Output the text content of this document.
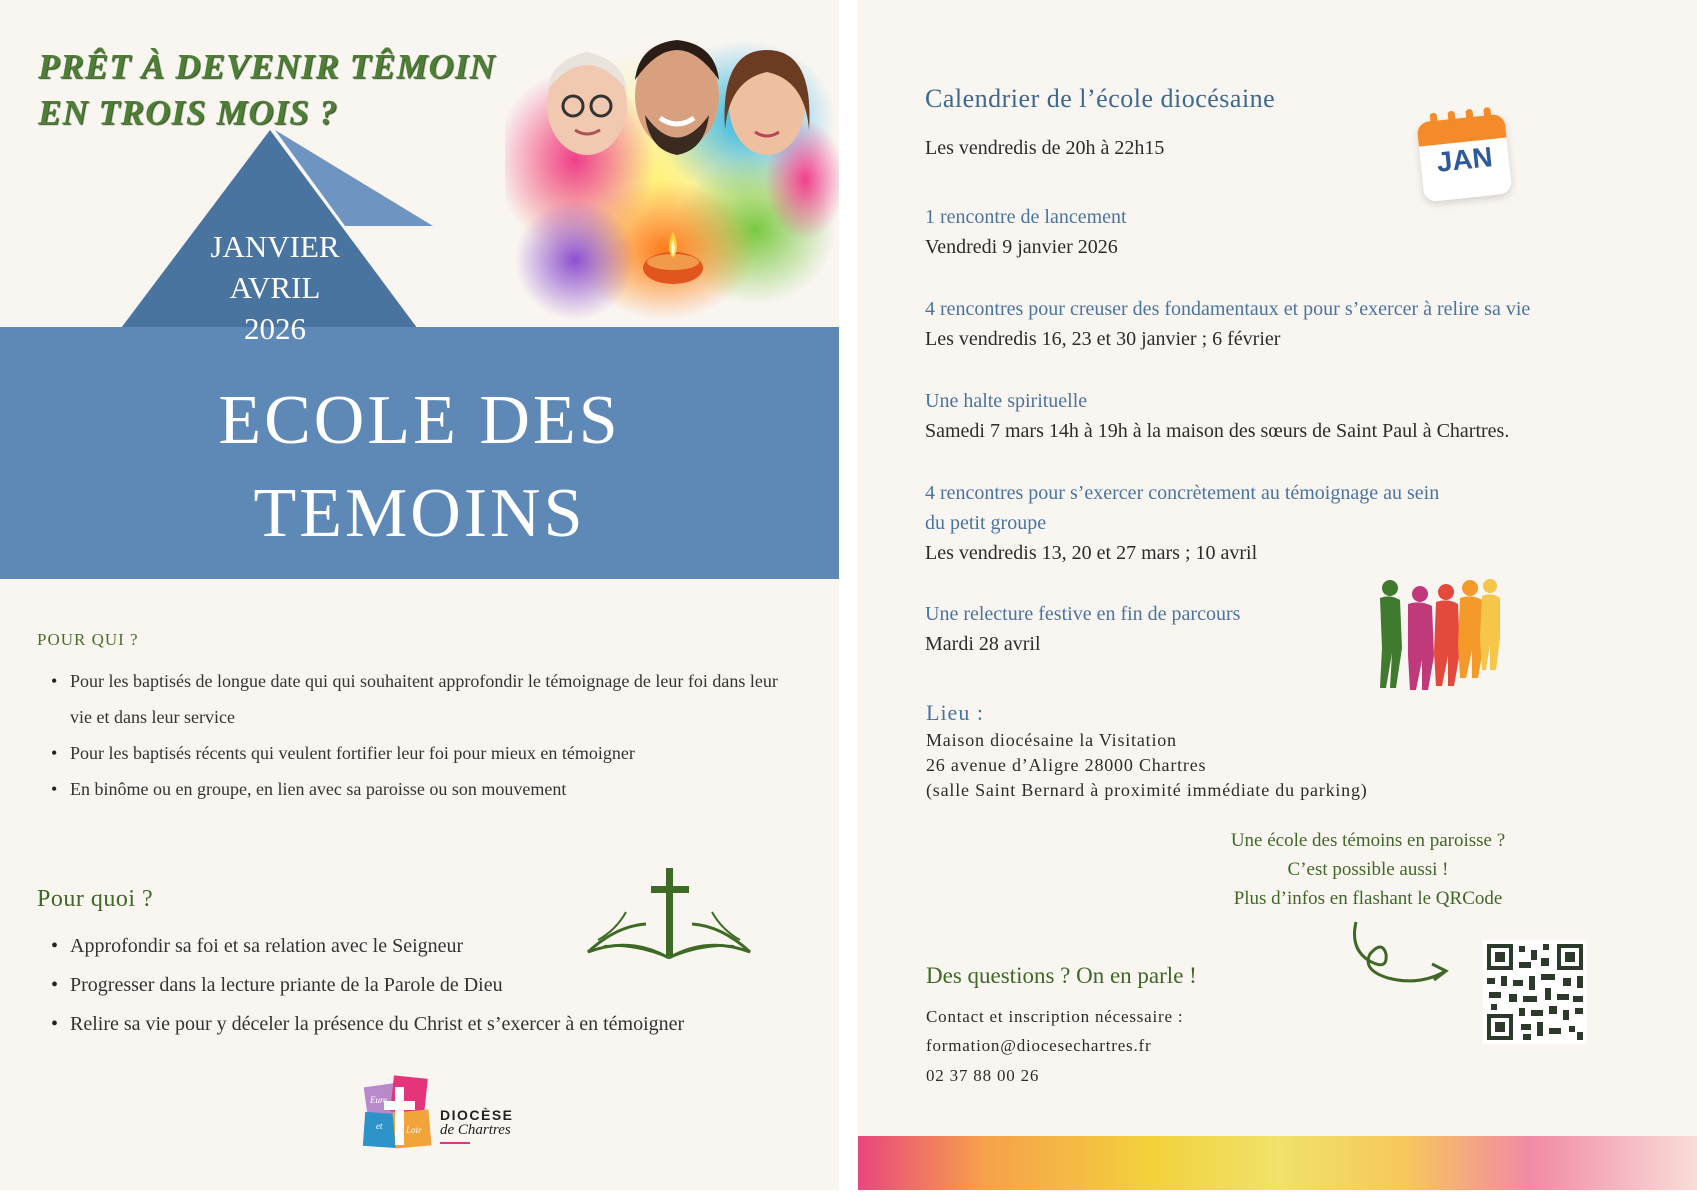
PRÊT À DEVENIR TÊMOIN
EN TROIS MOIS ?
JANVIER
AVRIL
2026
ECOLE DES
TEMOINS
POUR QUI ?
• Pour les baptisés de longue date qui qui souhaitent approfondir le témoignage de leur foi dans leur vie et dans leur service
• Pour les baptisés récents qui veulent fortifier leur foi pour mieux en témoigner
• En binôme ou en groupe, en lien avec sa paroisse ou son mouvement
Pour quoi ?
• Approfondir sa foi et sa relation avec le Seigneur
• Progresser dans la lecture priante de la Parole de Dieu
• Relire sa vie pour y déceler la présence du Christ et s’exercer à en témoigner
Eure
et	Loir
DIOCÈSE
de Chartres
Calendrier de l’école diocésaine
Les vendredis de 20h à 22h15	JAN
1 rencontre de lancement
Vendredi 9 janvier 2026
4 rencontres pour creuser des fondamentaux et pour s’exercer à relire sa vie
Les vendredis 16, 23 et 30 janvier ; 6 février
Une halte spirituelle
Samedi 7 mars 14h à 19h à la maison des sœurs de Saint Paul à Chartres.
4 rencontres pour s’exercer concrètement au témoignage au sein
du petit groupe
Les vendredis 13, 20 et 27 mars ; 10 avril
Une relecture festive en fin de parcours
Mardi 28 avril
Lieu :
Maison diocésaine la Visitation
26 avenue d’Aligre 28000 Chartres
(salle Saint Bernard à proximité immédiate du parking)
Une école des témoins en paroisse ?
C’est possible aussi !
Plus d’infos en flashant le QRCode
Des questions ? On en parle !
Contact et inscription nécessaire :
formation@diocesechartres.fr
02 37 88 00 26
